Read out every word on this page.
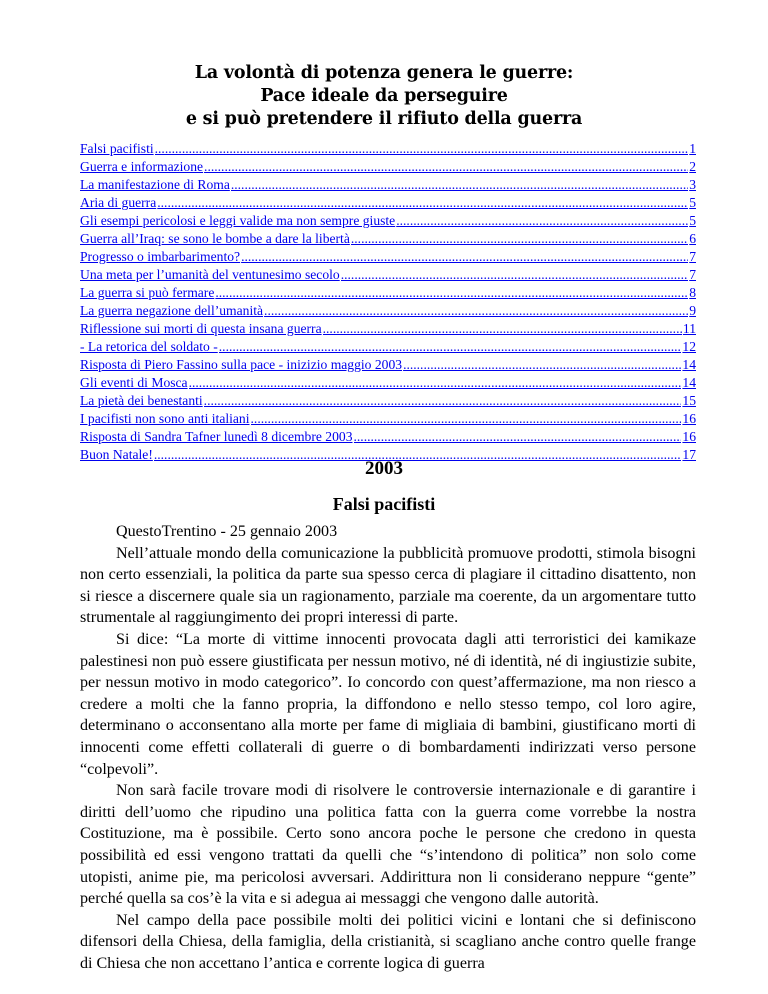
La volontà di potenza genera le guerre:
Pace ideale da perseguire
e si può pretendere il rifiuto della guerra
Falsi pacifisti .....	1
Guerra e informazione .....	2
La manifestazione di Roma .....	3
Aria di guerra .....	5
Gli esempi pericolosi e leggi valide ma non sempre giuste .....	5
Guerra all’Iraq: se sono le bombe a dare la libertà .....	6
Progresso o imbarbarimento? .....	7
Una meta per l’umanità del ventunesimo secolo .....	7
La guerra si può fermare .....	8
La guerra negazione dell’umanità .....	9
Riflessione sui morti di questa insana guerra .....	11
- La retorica del soldato - .....	12
Risposta di Piero Fassino sulla pace - inizizio maggio 2003 .....	14
Gli eventi di Mosca .....	14
La pietà dei benestanti .....	15
I pacifisti non sono anti italiani .....	16
Risposta di Sandra Tafner lunedì 8 dicembre 2003 .....	16
Buon Natale! .....	17
2003
Falsi pacifisti

QuestoTrentino - 25 gennaio 2003

Nell’attuale mondo della comunicazione la pubblicità promuove prodotti, stimola bisogni non certo essenziali, la politica da parte sua spesso cerca di plagiare il cittadino disattento, non si riesce a discernere quale sia un ragionamento, parziale ma coerente, da un argomentare tutto strumentale al raggiungimento dei propri interessi di parte.

Si dice: “La morte di vittime innocenti provocata dagli atti terroristici dei kamikaze palestinesi non può essere giustificata per nessun motivo, né di identità, né di ingiustizie subite, per nessun motivo in modo categorico”. Io concordo con quest’affermazione, ma non riesco a credere a molti che la fanno propria, la diffondono e nello stesso tempo, col loro agire, determinano o acconsentano alla morte per fame di migliaia di bambini, giustificano morti di innocenti come effetti collaterali di guerre o di bombardamenti indirizzati verso persone “colpevoli”.

Non sarà facile trovare modi di risolvere le controversie internazionale e di garantire i diritti dell’uomo che ripudino una politica fatta con la guerra come vorrebbe la nostra Costituzione, ma è possibile. Certo sono ancora poche le persone che credono in questa possibilità ed essi vengono trattati da quelli che “s’intendono di politica” non solo come utopisti, anime pie, ma pericolosi avversari. Addirittura non li considerano neppure “gente” perché quella sa cos’è la vita e si adegua ai messaggi che vengono dalle autorità.

Nel campo della pace possibile molti dei politici vicini e lontani che si definiscono difensori della Chiesa, della famiglia, della cristianità, si scagliano anche contro quelle frange di Chiesa che non accettano l’antica e corrente logica di guerra
